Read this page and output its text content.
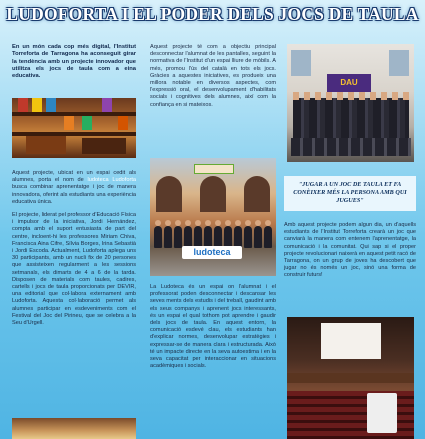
LUDOFORTA I EL PODER DELS JOCS DE TAULA

En un món cada cop més digital, l'Institut Torreforta de Tarragona ha aconseguit girar la tendència amb un projecte innovador que utilitza els jocs de taula com a eina educativa.

Aquest projecte, ubicat en un espai cedit als alumnes, porta el nom de ludoteca Ludoforta busca combinar aprenentatge i joc de manera innovadora, oferint als estudiants una experiència educativa única.

El projecte, liderat pel professor d'Educació Física i impulsor de la iniciativa, Jordi Hernández, compta amb el suport entusiasta de part del centre, incloent-hi les professores Miriam Chiva, Francisca Aina Cifre, Sílvia Borges, Irina Sebastià i Jordi Escoda. Actualment, Ludoforta aplega uns 30 participants, amb un nucli fix de 20 persones que assisteixen regularment a les sessions setmanals, els dimarts de 4 a 6 de la tarda. Disposen de materials com taules, cadires, cartells i jocs de taula proporcionats per DEVIR, una editorial que col·labora externament amb Ludoforta. Aquesta col·laboració permet als alumnes participar en esdeveniments com el Festival del Joc del Pirineu, que se celebra a la Seu d'Urgell.

Aquest projecte té com a objectiu principal desconnectar l'alumnat de les pantalles, seguint la normativa de l'Institut d'un espai lliure de mòbils. A més, promou l'ús del català en tots els jocs. Gràcies a aquestes iniciatives, es produeix una millora notable en diversos aspectes, com l'expressió oral, el desenvolupament d'habilitats socials i cognitives dels alumnes, així com la confiança en si mateixos.

ludoteca

La Ludoteca és un espai on l'alumnat i el professorat poden desconnectar i descansar les seves ments dels estudis i del treball, gaudint amb els seus companys i aprenent jocs interessants, és un espai el qual tothom pot aprendre i gaudir dels jocs de taula. En aquest entorn, la comunicació esdevé clau, els estudiants han d'explicar normes, desenvolupar estratègies i expressar-se de manera clara i estructurada. Això té un impacte directe en la seva autoestima i en la seva capacitat per interaccionar en situacions acadèmiques i socials.

DAU
"JUGAR A UN JOC DE TAULA ET FA CONÈIXER MÉS LA PERSONA AMB QUI JUGUES"

Amb aquest projecte podem algun dia, un d'aquells estudiants de l'Institut Torreforta crearà un joc que canviarà la manera com entenem l'aprenentatge, la comunicació i la comunitat. Qui sap si el proper projecte revolucionari naixerà en aquest petit racó de Tarragona, on un grup de joves ha descobert que jugar no és només un joc, sinó una forma de construir futurs!
